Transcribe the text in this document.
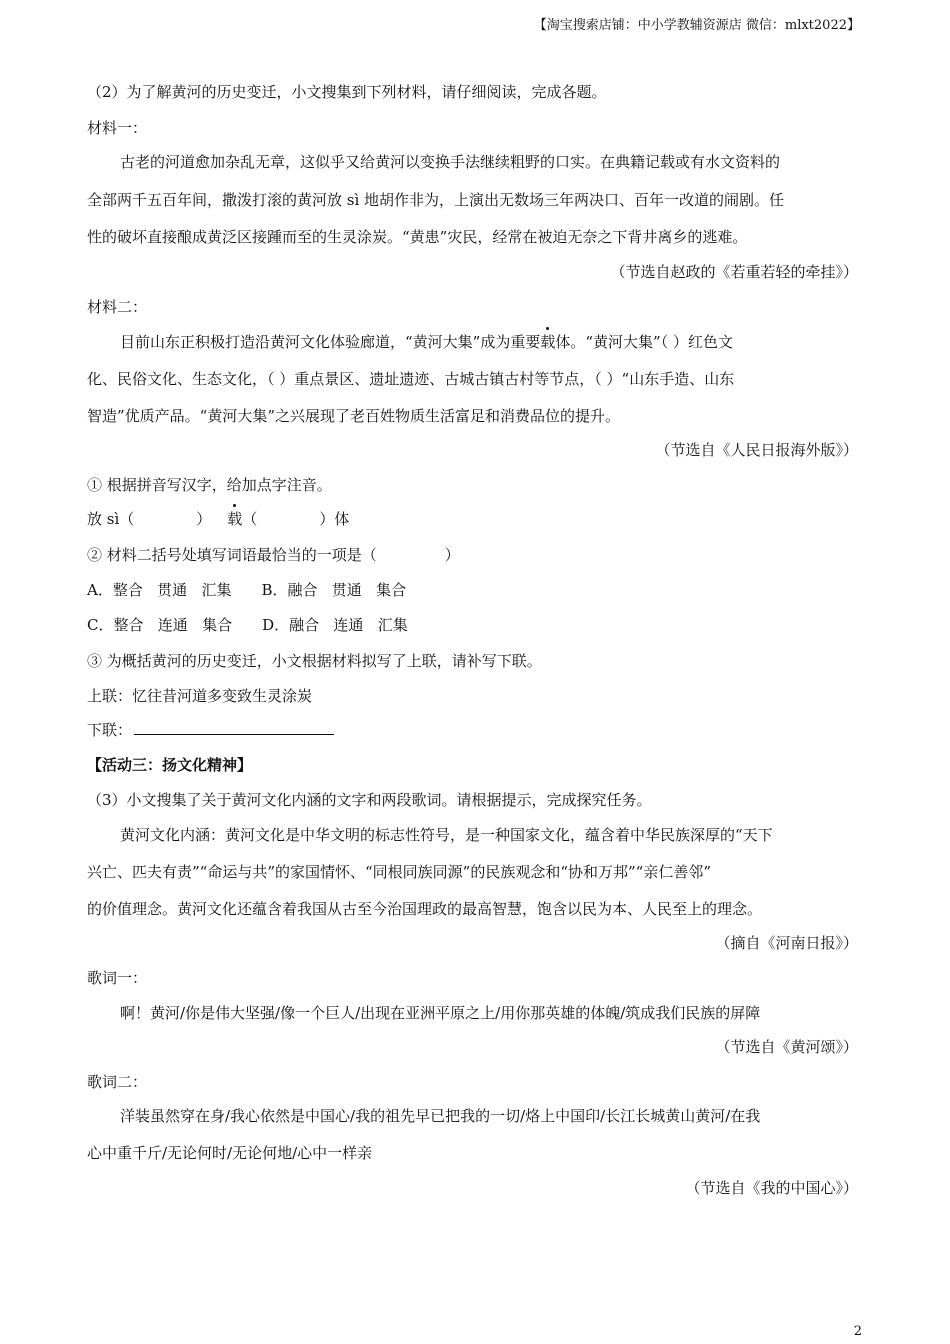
【淘宝搜索店铺：中小学教辅资源店 微信：mlxt2022】
（2）为了解黄河的历史变迁，小文搜集到下列材料，请仔细阅读，完成各题。
材料一：
古老的河道愈加杂乱无章，这似乎又给黄河以变换手法继续粗野的口实。在典籍记载或有水文资料的
全部两千五百年间，撒泼打滚的黄河放 sì 地胡作非为，上演出无数场三年两决口、百年一改道的闹剧。任
性的破坏直接酿成黄泛区接踵而至的生灵涂炭。“黄患”灾民，经常在被迫无奈之下背井离乡的逃难。
（节选自赵政的《若重若轻的牵挂》）
材料二：
目前山东正积极打造沿黄河文化体验廊道，“黄河大集”成为重要载体。“黄河大集”（ ）红色文
化、民俗文化、生态文化，（ ）重点景区、遗址遗迹、古城古镇古村等节点，（ ）“山东手造、山东
智造”优质产品。“黄河大集”之兴展现了老百姓物质生活富足和消费品位的提升。
（节选自《人民日报海外版》）
① 根据拼音写汉字，给加点字注音。
放 sì（	） 载（	）体
② 材料二括号处填写词语最恰当的一项是（	）
A．整合   贯通   汇集 B．融合   贯通   集合
C．整合   连通   集合 D．融合   连通   汇集
③ 为概括黄河的历史变迁，小文根据材料拟写了上联，请补写下联。
上联：忆往昔河道多变致生灵涂炭
下联：
【活动三：扬文化精神】
（3）小文搜集了关于黄河文化内涵的文字和两段歌词。请根据提示，完成探究任务。
黄河文化内涵：黄河文化是中华文明的标志性符号，是一种国家文化，蕴含着中华民族深厚的“天下
兴亡、匹夫有责”“命运与共”的家国情怀、“同根同族同源”的民族观念和“协和万邦”“亲仁善邻”
的价值理念。黄河文化还蕴含着我国从古至今治国理政的最高智慧，饱含以民为本、人民至上的理念。
（摘自《河南日报》）
歌词一：
啊！黄河/你是伟大坚强/像一个巨人/出现在亚洲平原之上/用你那英雄的体魄/筑成我们民族的屏障
（节选自《黄河颂》）
歌词二：
洋装虽然穿在身/我心依然是中国心/我的祖先早已把我的一切/烙上中国印/长江长城黄山黄河/在我
心中重千斤/无论何时/无论何地/心中一样亲
（节选自《我的中国心》）
2
